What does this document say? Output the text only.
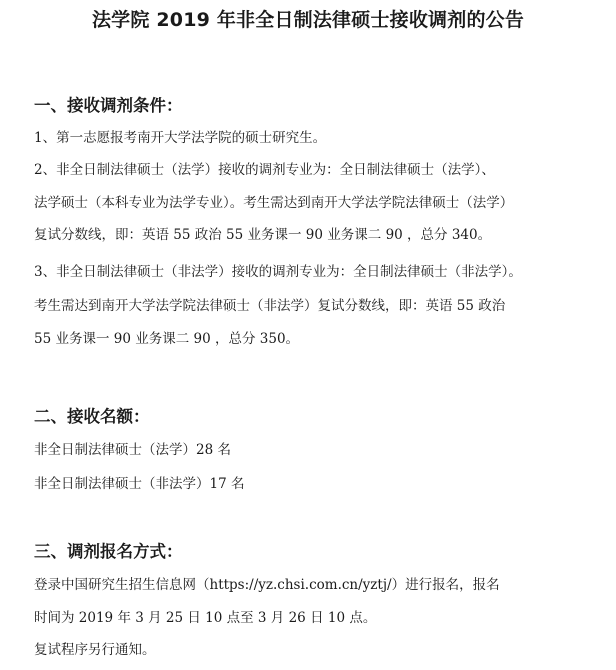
法学院 2019 年非全日制法律硕士接收调剂的公告
一、接收调剂条件：
1、第一志愿报考南开大学法学院的硕士研究生。
2、非全日制法律硕士（法学）接收的调剂专业为：全日制法律硕士（法学）、
法学硕士（本科专业为法学专业）。考生需达到南开大学法学院法律硕士（法学）
复试分数线，即：英语 55 政治 55 业务课一 90 业务课二 90 ，总分 340。
3、非全日制法律硕士（非法学）接收的调剂专业为：全日制法律硕士（非法学）。
考生需达到南开大学法学院法律硕士（非法学）复试分数线，即：英语 55 政治
55 业务课一 90 业务课二 90 ，总分 350。
二、接收名额：
非全日制法律硕士（法学）28 名
非全日制法律硕士（非法学）17 名
三、调剂报名方式：
登录中国研究生招生信息网（https://yz.chsi.com.cn/yztj/）进行报名，报名
时间为 2019 年 3 月 25 日 10 点至 3 月 26 日 10 点。
复试程序另行通知。
